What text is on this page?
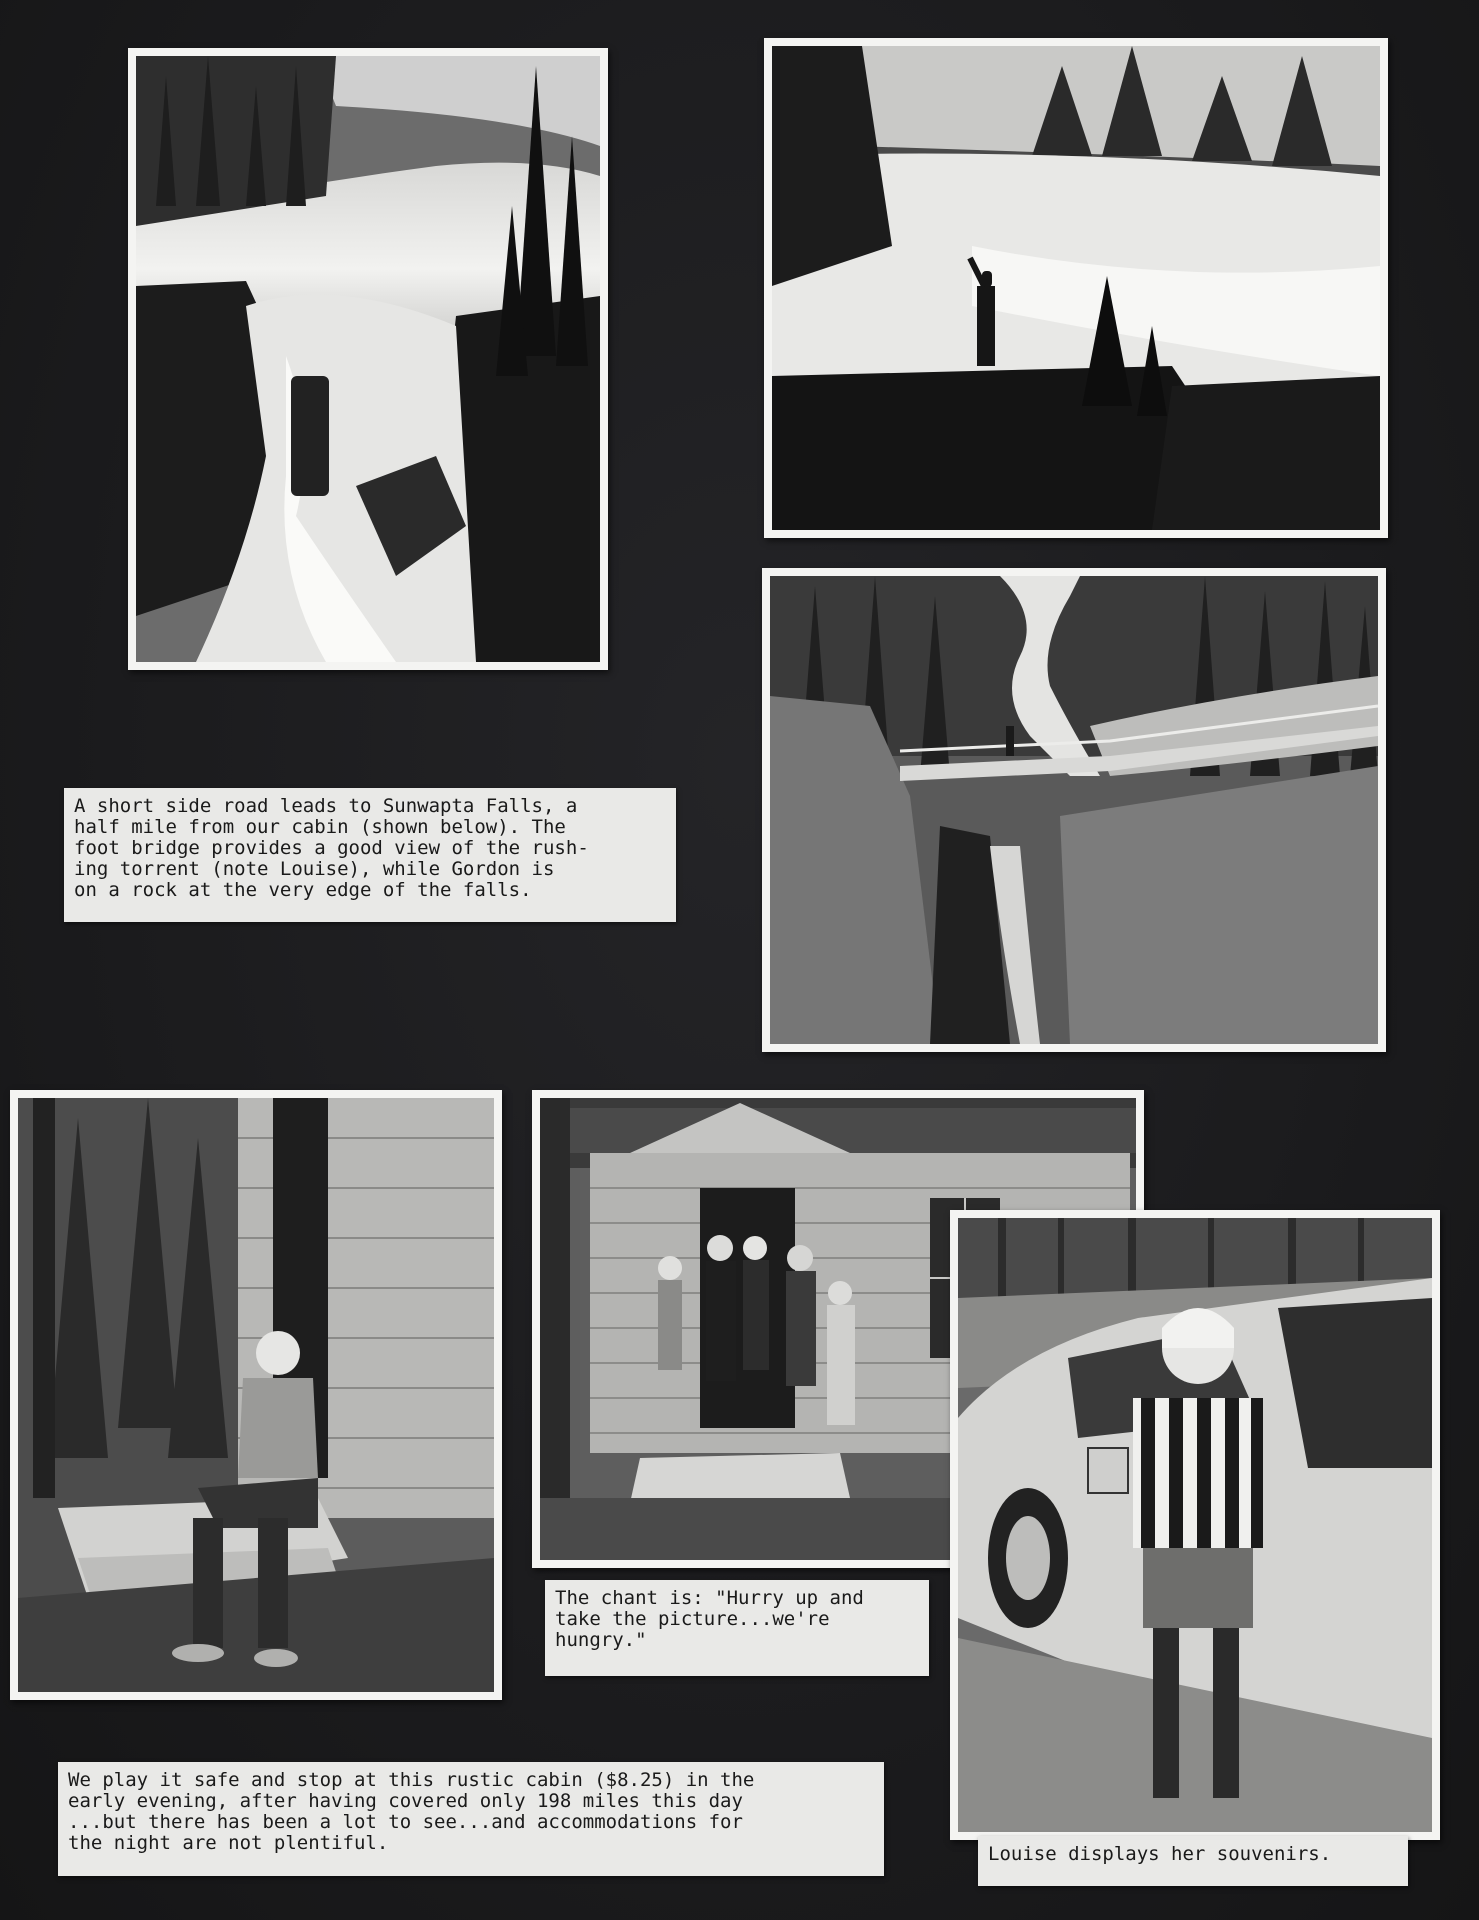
A short side road leads to Sunwapta Falls, a
half mile from our cabin (shown below). The
foot bridge provides a good view of the rush-
ing torrent (note Louise), while Gordon is
on a rock at the very edge of the falls.
The chant is: "Hurry up and
take the picture...we're
hungry."
We play it safe and stop at this rustic cabin ($8.25) in the
early evening, after having covered only 198 miles this day
...but there has been a lot to see...and accommodations for
the night are not plentiful.	Louise displays her souvenirs.
